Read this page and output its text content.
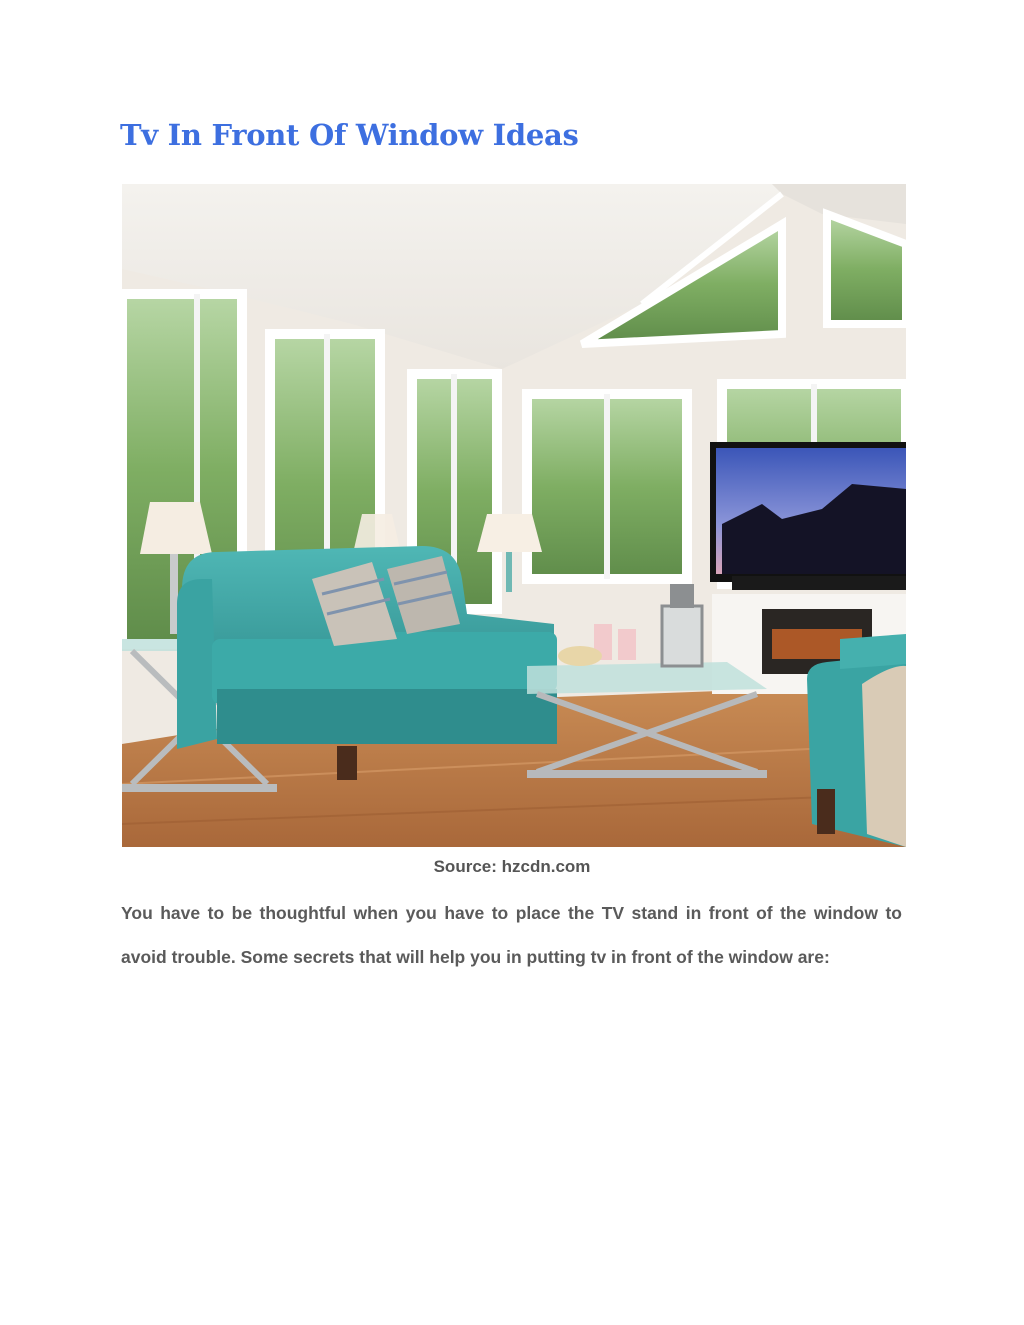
Tv In Front Of Window Ideas
Source: hzcdn.com

You have to be thoughtful when you have to place the TV stand in front of the window to avoid trouble. Some secrets that will help you in putting tv in front of the window are:
